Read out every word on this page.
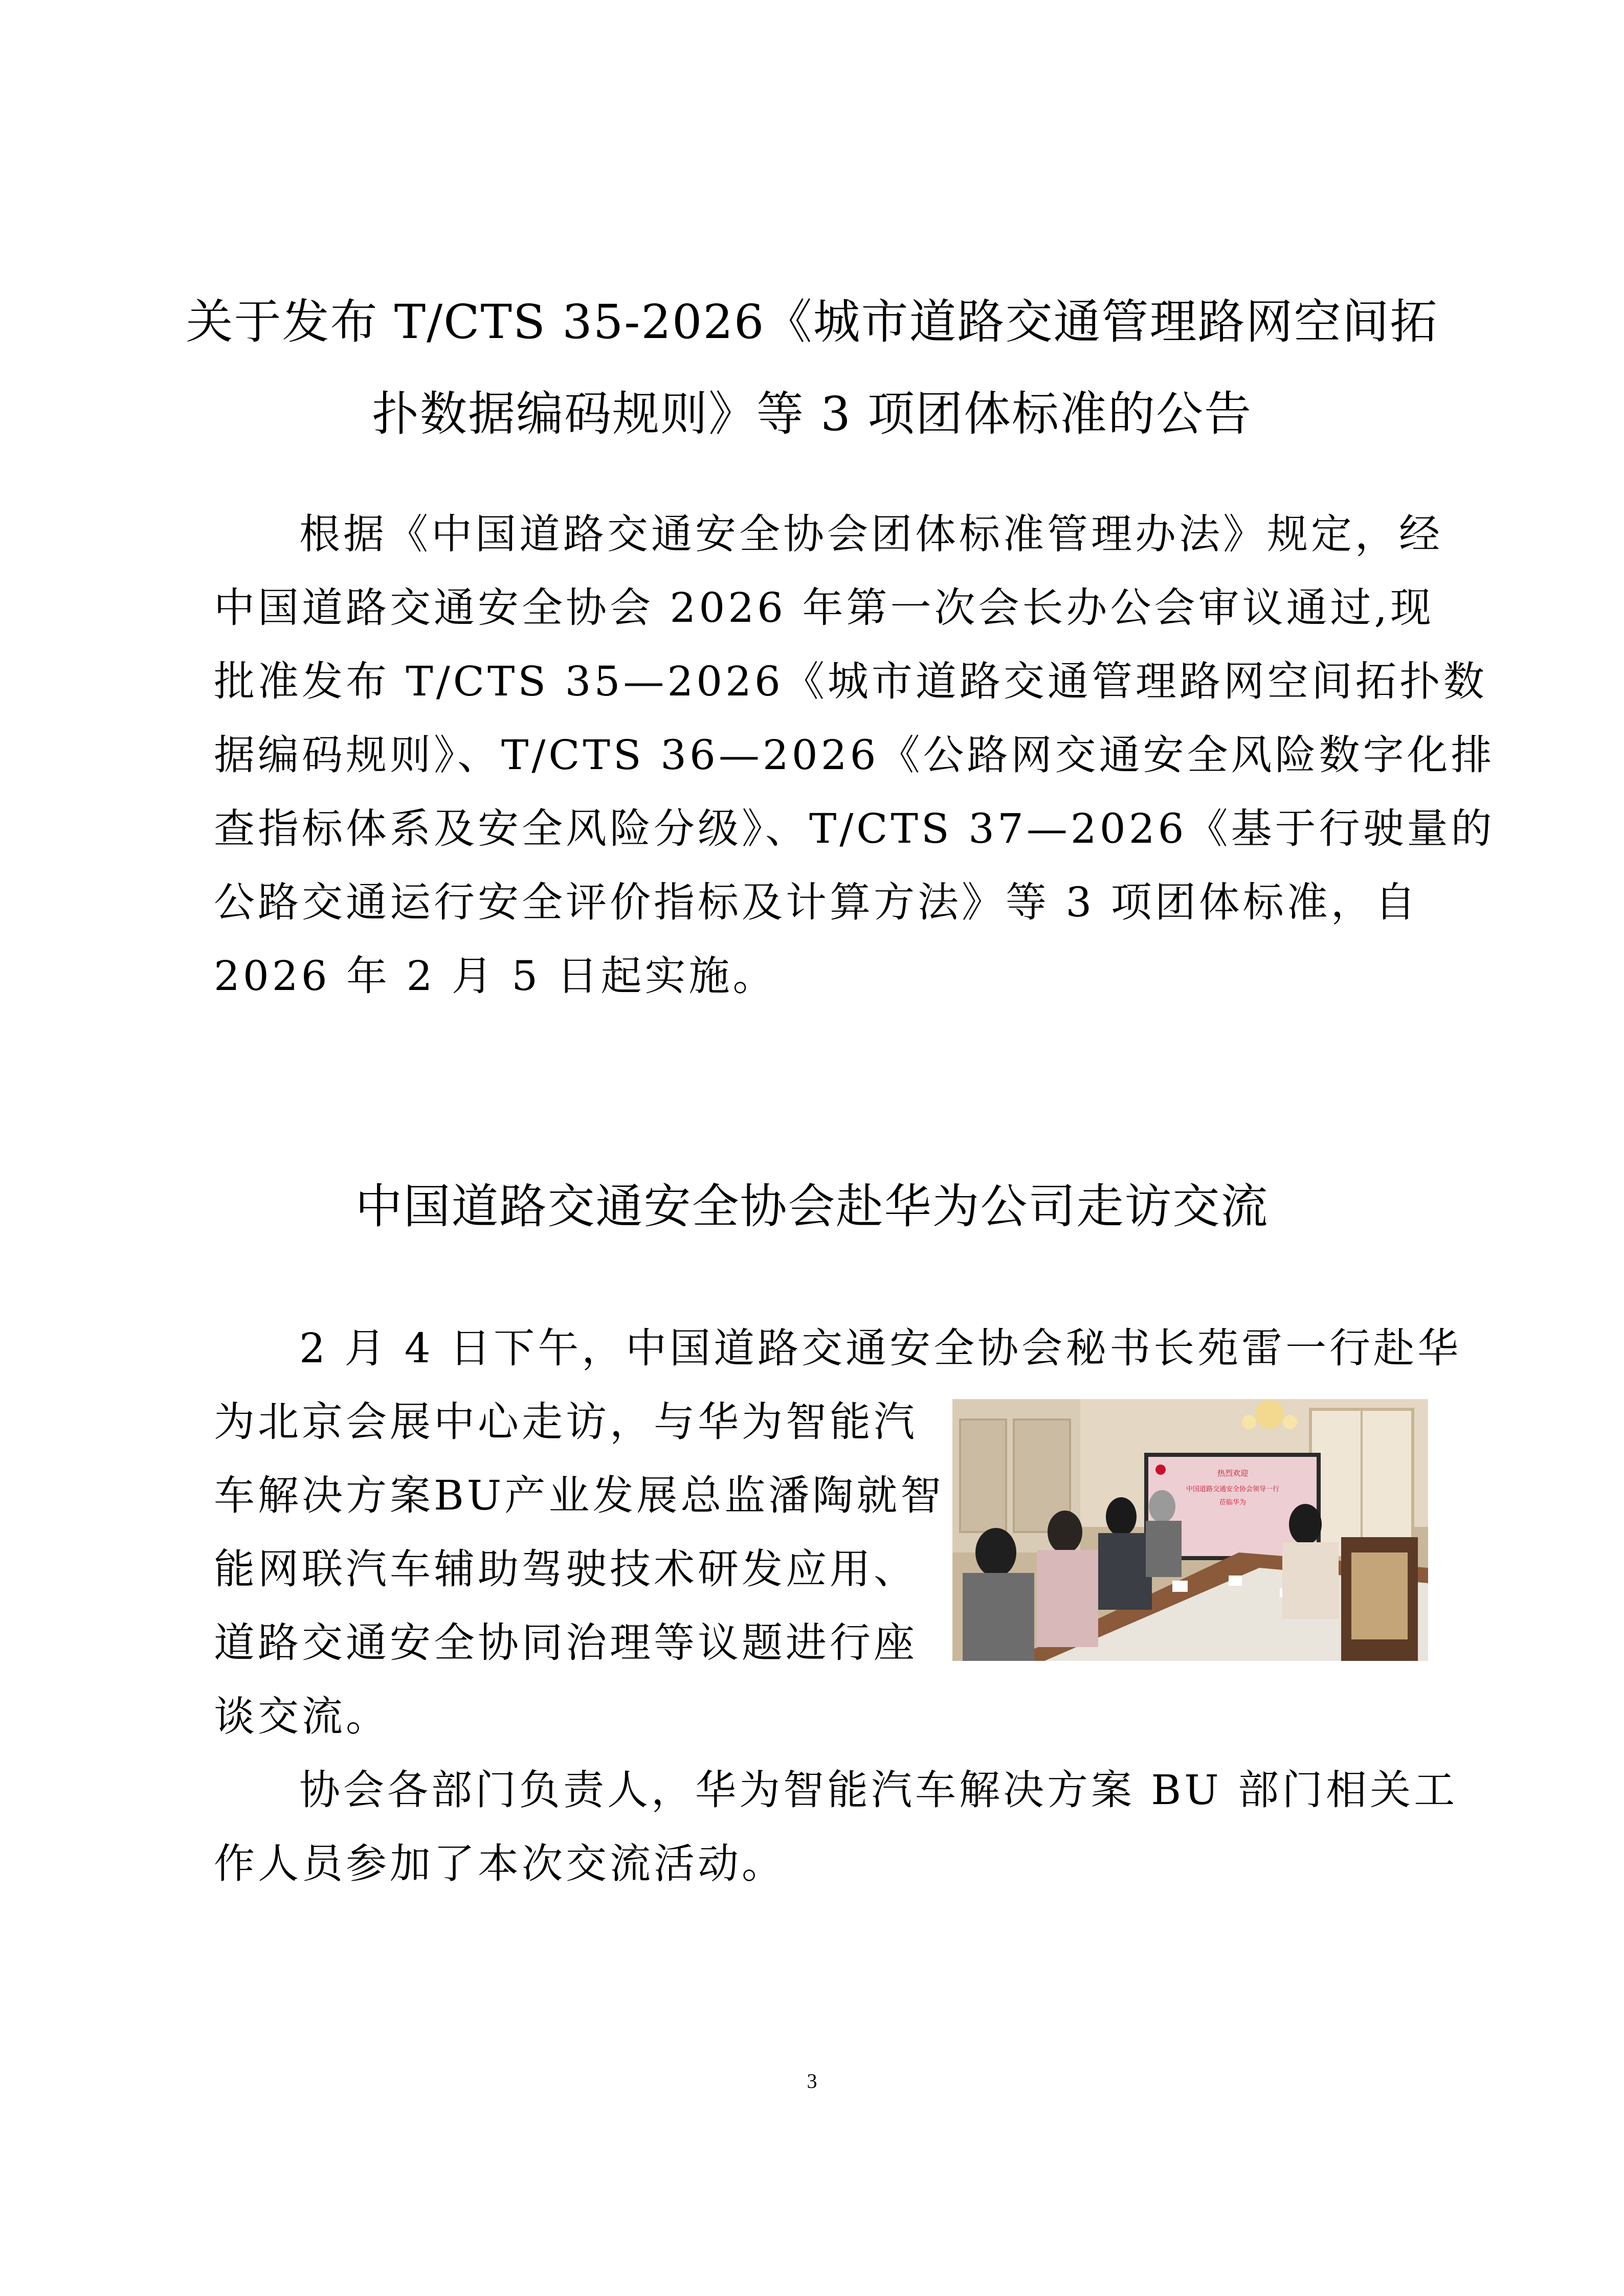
关于发布 T/CTS 35-2026《城市道路交通管理路网空间拓
扑数据编码规则》等 3 项团体标准的公告

根据《中国道路交通安全协会团体标准管理办法》规定，经

中国道路交通安全协会 2026 年第一次会长办公会审议通过,现

批准发布 T/CTS 35—2026《城市道路交通管理路网空间拓扑数

据编码规则》、T/CTS 36—2026《公路网交通安全风险数字化排

查指标体系及安全风险分级》、T/CTS 37—2026《基于行驶量的

公路交通运行安全评价指标及计算方法》等 3 项团体标准，自

2026 年 2 月 5 日起实施。

中国道路交通安全协会赴华为公司走访交流

2 月 4 日下午，中国道路交通安全协会秘书长苑雷一行赴华

为北京会展中心走访，与华为智能汽

车解决方案BU产业发展总监潘陶就智

能网联汽车辅助驾驶技术研发应用、

道路交通安全协同治理等议题进行座

谈交流。

热烈欢迎
中国道路交通安全协会领导一行
莅临华为

协会各部门负责人，华为智能汽车解决方案 BU 部门相关工

作人员参加了本次交流活动。

3
